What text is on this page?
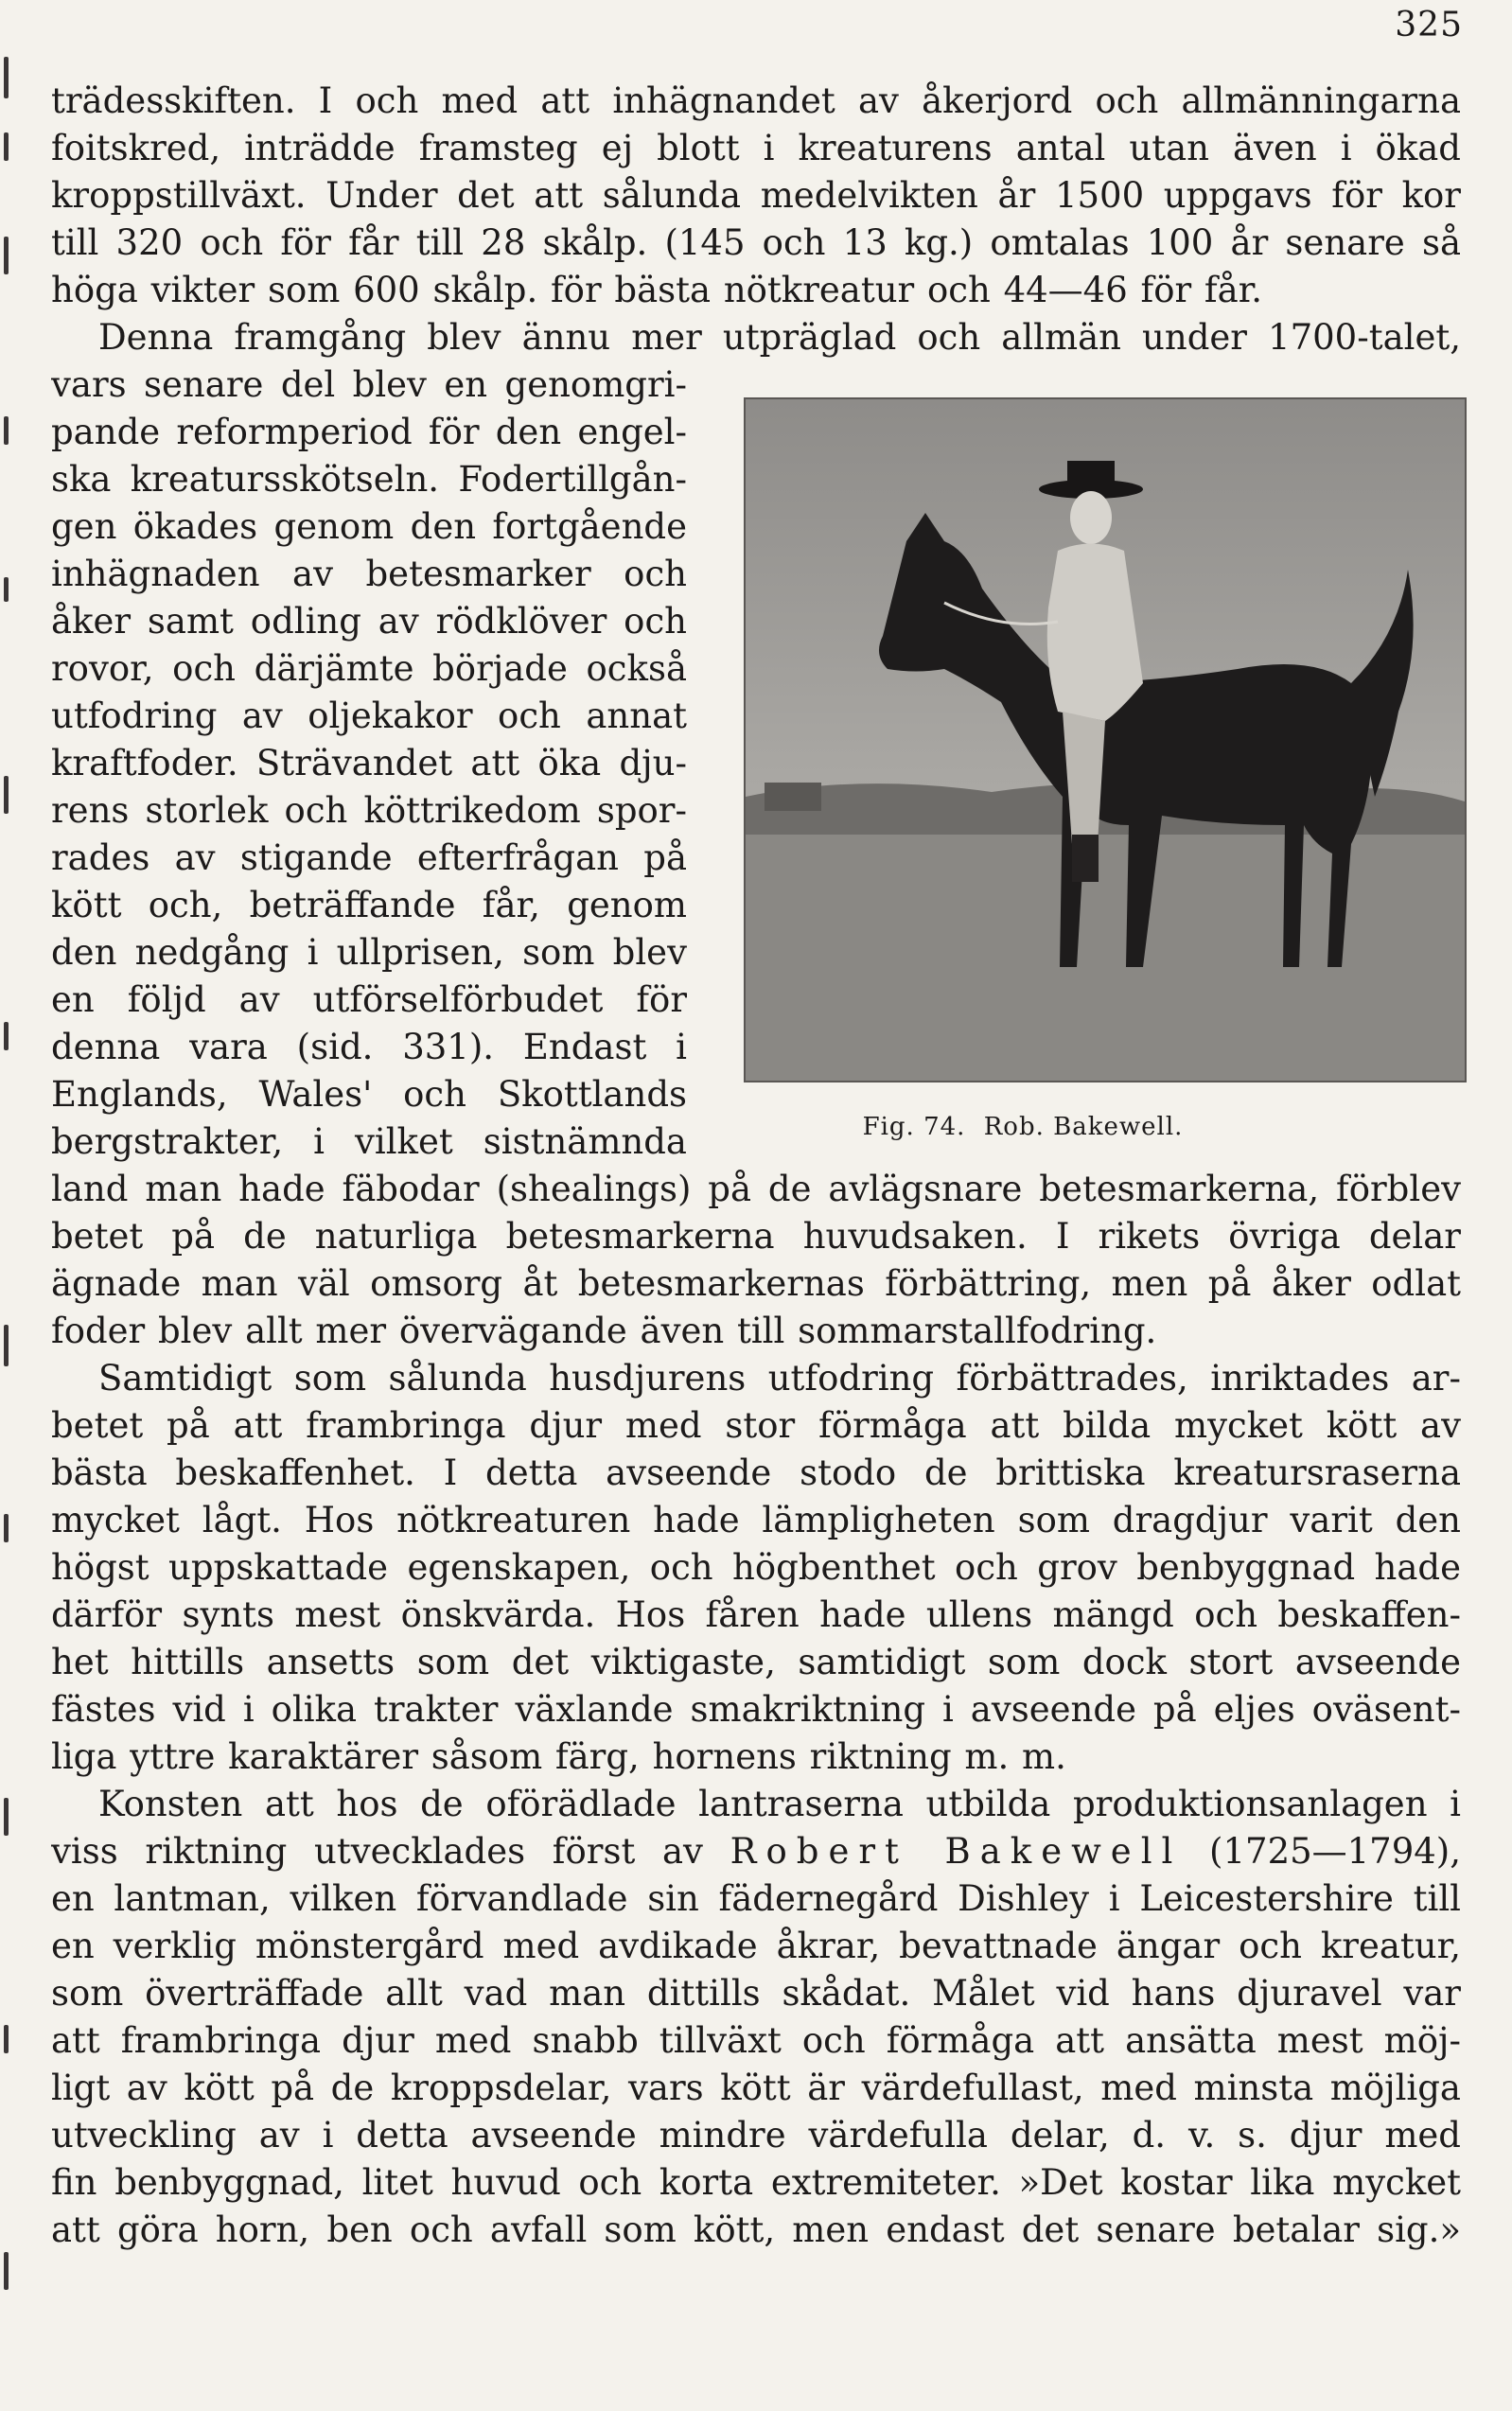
325
trädesskiften. I och med att inhägnandet av åkerjord och allmänningarna
foitskred, inträdde framsteg ej blott i kreaturens antal utan även i ökad
kroppstillväxt. Under det att sålunda medelvikten år 1500 uppgavs för kor
till 320 och för får till 28 skålp. (145 och 13 kg.) omtalas 100 år senare så
höga vikter som 600 skålp. för bästa nötkreatur och 44—46 för får.
Denna framgång blev ännu mer utpräglad och allmän under 1700-talet,
vars senare del blev en genomgri-
pande reformperiod för den engel-
ska kreatursskötseln. Fodertillgån-
gen ökades genom den fortgående
inhägnaden av betesmarker och
åker samt odling av rödklöver och
rovor, och därjämte började också
utfodring av oljekakor och annat
kraftfoder. Strävandet att öka dju-
rens storlek och köttrikedom spor-
rades av stigande efterfrågan på
kött och, beträffande får, genom
den nedgång i ullprisen, som blev
en följd av utförselförbudet för
denna vara (sid. 331). Endast i
Englands, Wales' och Skottlands
bergstrakter, i vilket sistnämnda
land man hade fäbodar (shealings) på de avlägsnare betesmarkerna, förblev
betet på de naturliga betesmarkerna huvudsaken. I rikets övriga delar
ägnade man väl omsorg åt betesmarkernas förbättring, men på åker odlat
foder blev allt mer övervägande även till sommarstallfodring.
Samtidigt som sålunda husdjurens utfodring förbättrades, inriktades ar-
betet på att frambringa djur med stor förmåga att bilda mycket kött av
bästa beskaffenhet. I detta avseende stodo de brittiska kreatursraserna
mycket lågt. Hos nötkreaturen hade lämpligheten som dragdjur varit den
högst uppskattade egenskapen, och högbenthet och grov benbyggnad hade
därför synts mest önskvärda. Hos fåren hade ullens mängd och beskaffen-
het hittills ansetts som det viktigaste, samtidigt som dock stort avseende
fästes vid i olika trakter växlande smakriktning i avseende på eljes oväsent-
liga yttre karaktärer såsom färg, hornens riktning m. m.
Konsten att hos de oförädlade lantraserna utbilda produktionsanlagen i
viss riktning utvecklades först av Robert Bakewell (1725—1794),
en lantman, vilken förvandlade sin fädernegård Dishley i Leicestershire till
en verklig mönstergård med avdikade åkrar, bevattnade ängar och kreatur,
som överträffade allt vad man dittills skådat. Målet vid hans djuravel var
att frambringa djur med snabb tillväxt och förmåga att ansätta mest möj-
ligt av kött på de kroppsdelar, vars kött är värdefullast, med minsta möjliga
utveckling av i detta avseende mindre värdefulla delar, d. v. s. djur med
fin benbyggnad, litet huvud och korta extremiteter. »Det kostar lika mycket
att göra horn, ben och avfall som kött, men endast det senare betalar sig.»
Fig. 74. Rob. Bakewell.
